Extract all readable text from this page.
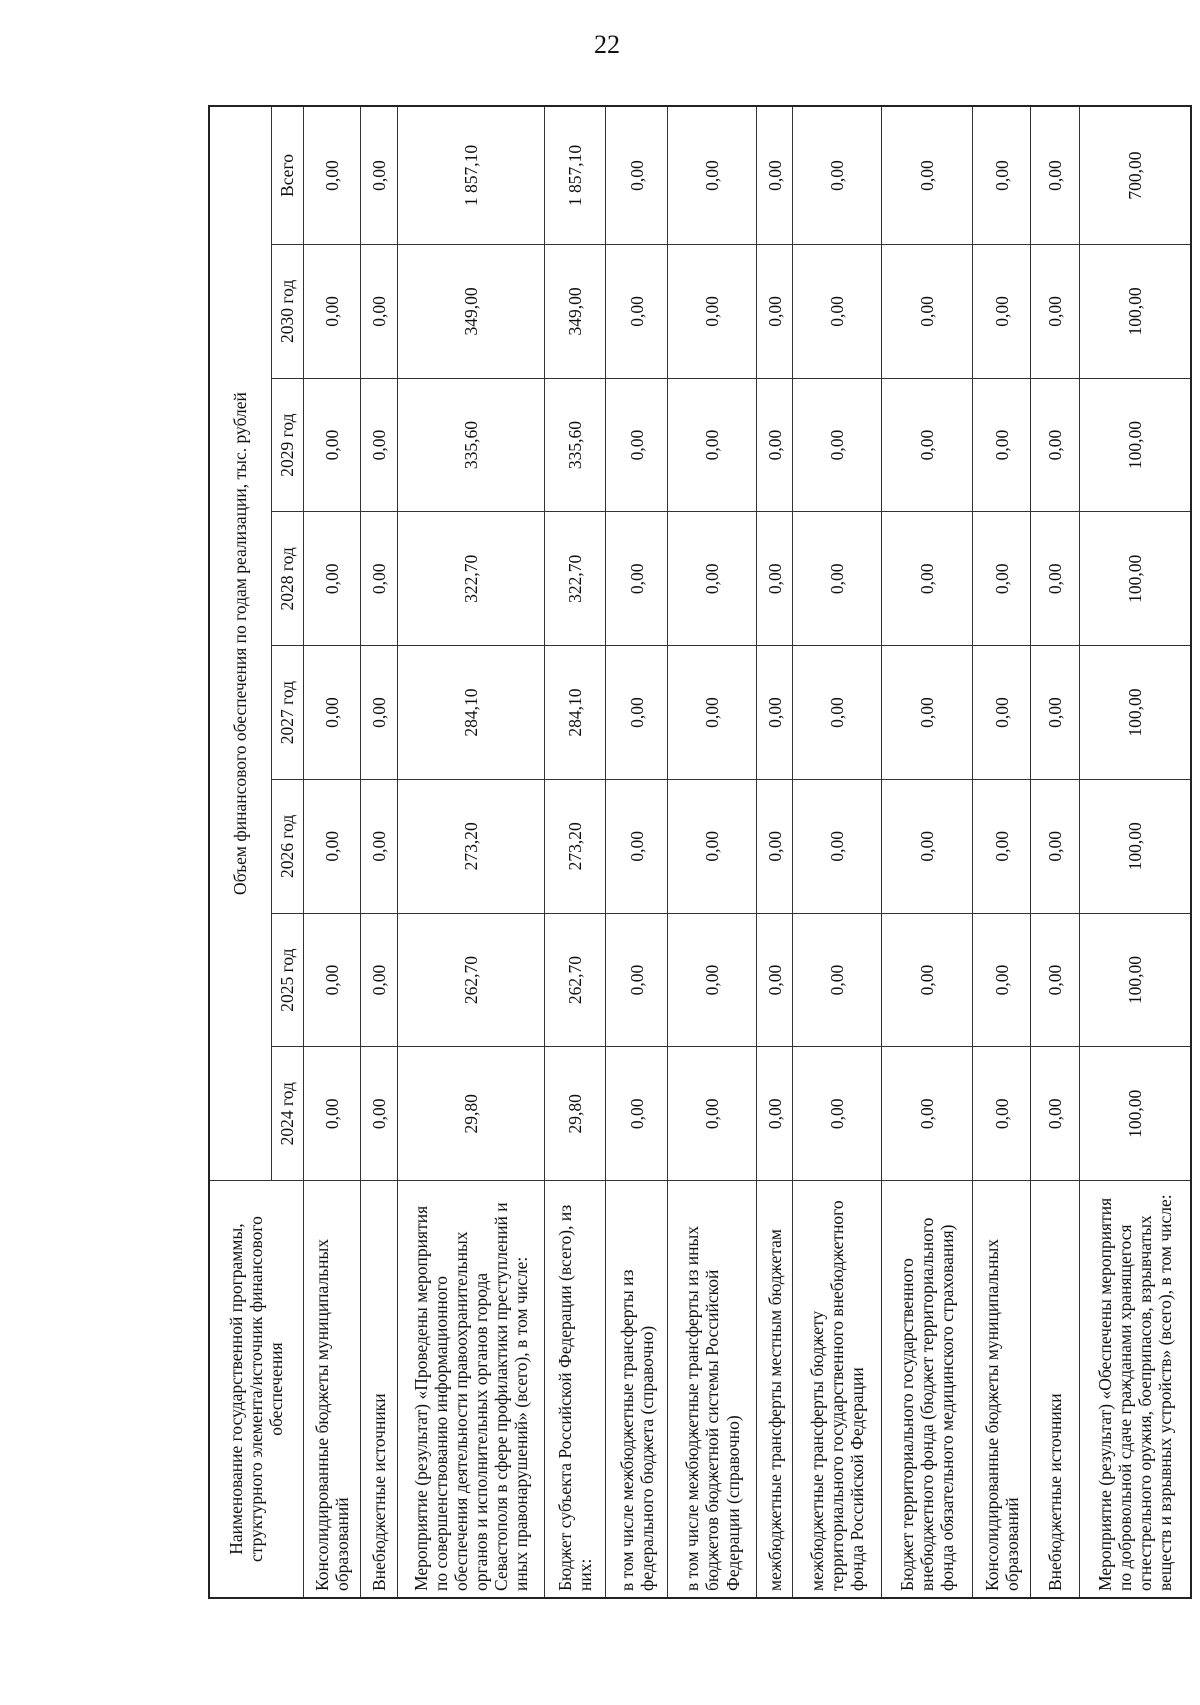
22
Наименование государственной программы, структурного элемента/источник финансового обеспечения	Объем финансового обеспечения по годам реализации, тыс. рублей							
	2024 год	2025 год	2026 год	2027 год	2028 год	2029 год	2030 год	Всего
Консолидированные бюджеты муниципальных образований	0,00	0,00	0,00	0,00	0,00	0,00	0,00	0,00
Внебюджетные источники	0,00	0,00	0,00	0,00	0,00	0,00	0,00	0,00
Мероприятие (результат) «Проведены мероприятия по совершенствованию информационного обеспечения деятельности правоохранительных органов и исполнительных органов города Севастополя в сфере профилактики преступлений и иных правонарушений» (всего), в том числе:	29,80	262,70	273,20	284,10	322,70	335,60	349,00	1 857,10
Бюджет субъекта Российской Федерации (всего), из них:	29,80	262,70	273,20	284,10	322,70	335,60	349,00	1 857,10
в том числе межбюджетные трансферты из федерального бюджета (справочно)	0,00	0,00	0,00	0,00	0,00	0,00	0,00	0,00
в том числе межбюджетные трансферты из иных бюджетов бюджетной системы Российской Федерации (справочно)	0,00	0,00	0,00	0,00	0,00	0,00	0,00	0,00
межбюджетные трансферты местным бюджетам	0,00	0,00	0,00	0,00	0,00	0,00	0,00	0,00
межбюджетные трансферты бюджету территориального государственного внебюджетного фонда Российской Федерации	0,00	0,00	0,00	0,00	0,00	0,00	0,00	0,00
Бюджет территориального государственного внебюджетного фонда (бюджет территориального фонда обязательного медицинского страхования)	0,00	0,00	0,00	0,00	0,00	0,00	0,00	0,00
Консолидированные бюджеты муниципальных образований	0,00	0,00	0,00	0,00	0,00	0,00	0,00	0,00
Внебюджетные источники	0,00	0,00	0,00	0,00	0,00	0,00	0,00	0,00
Мероприятие (результат) «Обеспечены мероприятия по добровольной сдаче гражданами хранящегося огнестрельного оружия, боеприпасов, взрывчатых веществ и взрывных устройств» (всего), в том числе:	100,00	100,00	100,00	100,00	100,00	100,00	100,00	700,00
